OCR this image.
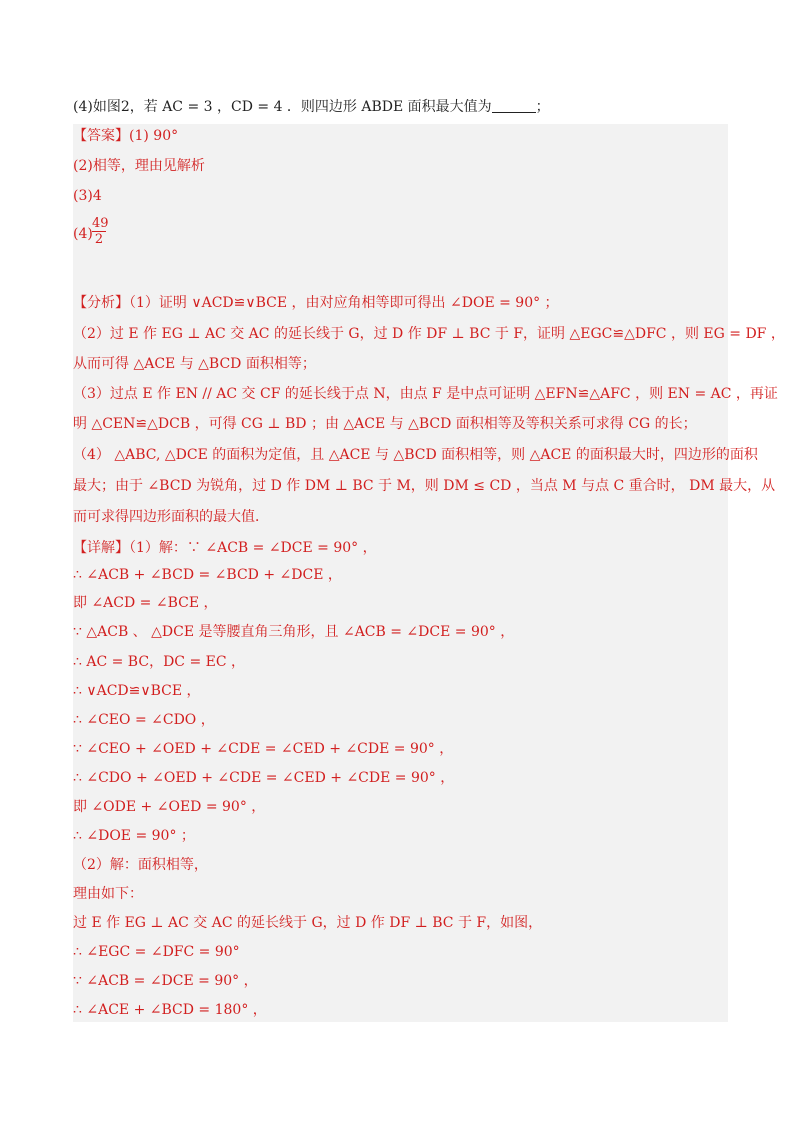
(4)如图2，若 AC = 3 ，CD = 4 ．则四边形 ABDE 面积最大值为	；
【答案】(1) 90°
(2)相等，理由见解析
(3)4
$(4) \frac{49}{2}$
【分析】（1）证明 ∨ACD≌∨BCE ，由对应角相等即可得出 ∠DOE = 90° ；
（2）过 E 作 EG ⊥ AC 交 AC 的延长线于 G，过 D 作 DF ⊥ BC 于 F，证明 △EGC≌△DFC ，则 EG = DF ，
从而可得 △ACE 与 △BCD 面积相等；
（3）过点 E 作 EN // AC 交 CF 的延长线于点 N，由点 F 是中点可证明 △EFN≌△AFC ，则 EN = AC ，再证
明 △CEN≌△DCB ，可得 CG ⊥ BD ；由 △ACE 与 △BCD 面积相等及等积关系可求得 CG 的长；
（4） △ABC, △DCE 的面积为定值，且 △ACE 与 △BCD 面积相等，则 △ACE 的面积最大时，四边形的面积
最大；由于 ∠BCD 为锐角，过 D 作 DM ⊥ BC 于 M，则 DM ≤ CD ，当点 M 与点 C 重合时， DM 最大，从
而可求得四边形面积的最大值．
【详解】（1）解：∵ ∠ACB = ∠DCE = 90° ，
∴ ∠ACB + ∠BCD = ∠BCD + ∠DCE ，
即 ∠ACD = ∠BCE ，
∵ △ACB 、 △DCE 是等腰直角三角形，且 ∠ACB = ∠DCE = 90° ，
∴ AC = BC，DC = EC ，
∴ ∨ACD≌∨BCE ，
∴ ∠CEO = ∠CDO ，
∵ ∠CEO + ∠OED + ∠CDE = ∠CED + ∠CDE = 90° ，
∴ ∠CDO + ∠OED + ∠CDE = ∠CED + ∠CDE = 90° ，
即 ∠ODE + ∠OED = 90° ，
∴ ∠DOE = 90° ；
（2）解：面积相等，
理由如下：
过 E 作 EG ⊥ AC 交 AC 的延长线于 G，过 D 作 DF ⊥ BC 于 F，如图，
∴ ∠EGC = ∠DFC = 90°
∵ ∠ACB = ∠DCE = 90° ，
∴ ∠ACE + ∠BCD = 180° ，
